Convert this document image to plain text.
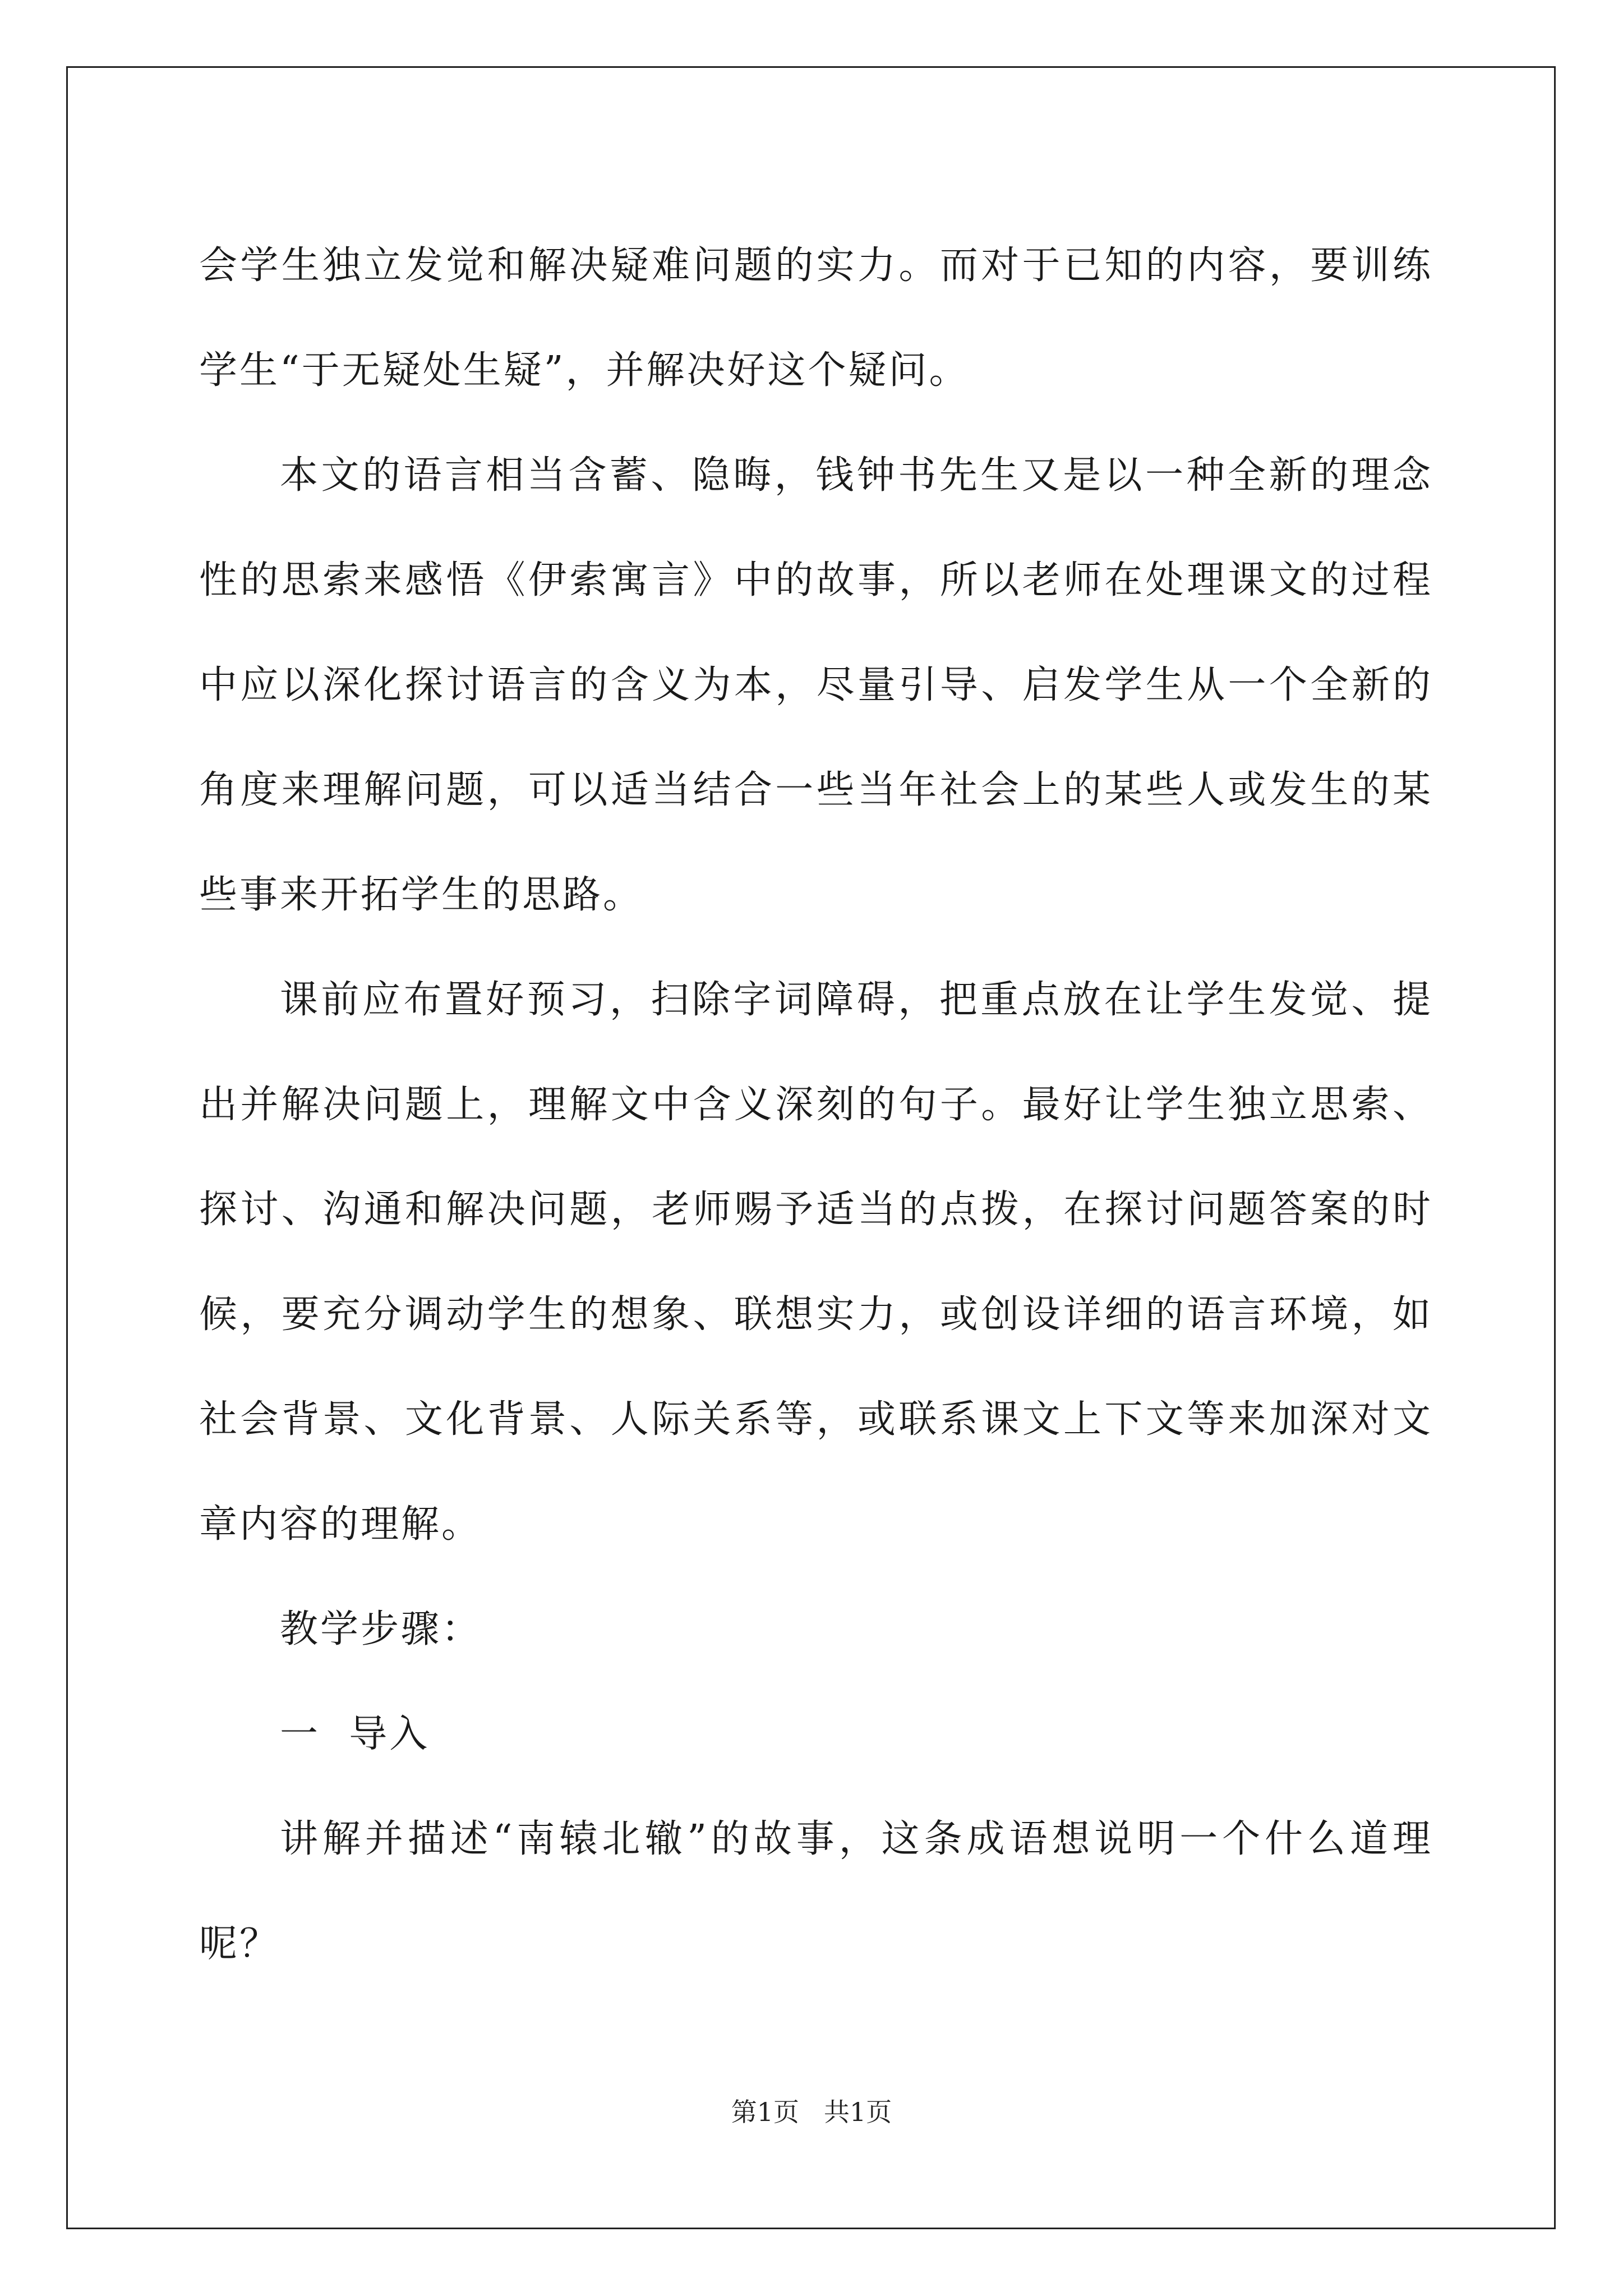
会学生独立发觉和解决疑难问题的实力。而对于已知的内容，要训练学生“于无疑处生疑”，并解决好这个疑问。

本文的语言相当含蓄、隐晦，钱钟书先生又是以一种全新的理念性的思索来感悟《伊索寓言》中的故事，所以老师在处理课文的过程中应以深化探讨语言的含义为本，尽量引导、启发学生从一个全新的角度来理解问题，可以适当结合一些当年社会上的某些人或发生的某些事来开拓学生的思路。

课前应布置好预习，扫除字词障碍，把重点放在让学生发觉、提出并解决问题上，理解文中含义深刻的句子。最好让学生独立思索、探讨、沟通和解决问题，老师赐予适当的点拨，在探讨问题答案的时候，要充分调动学生的想象、联想实力，或创设详细的语言环境，如社会背景、文化背景、人际关系等，或联系课文上下文等来加深对文章内容的理解。

教学步骤：

一  导入

讲解并描述“南辕北辙”的故事，这条成语想说明一个什么道理呢？

第1页 共1页
